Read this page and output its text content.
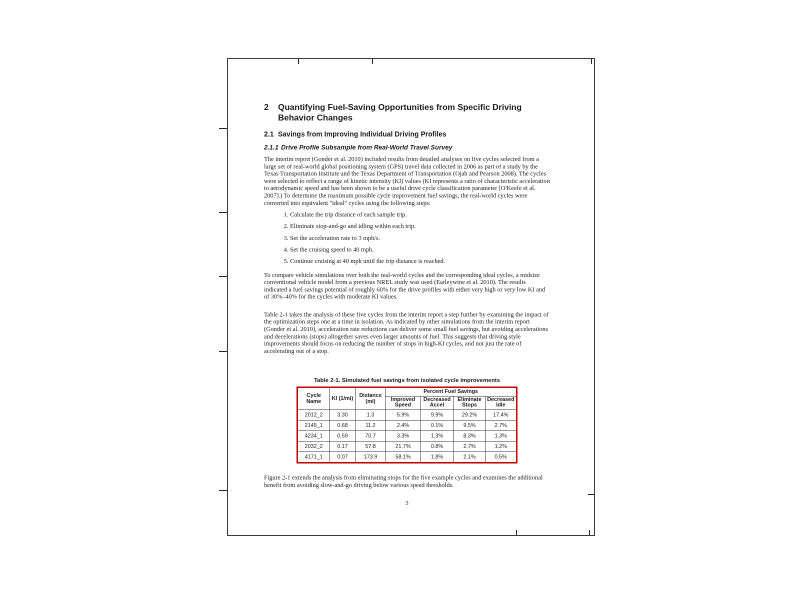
2 Quantifying Fuel-Saving Opportunities from Specific Driving Behavior Changes
2.1 Savings from Improving Individual Driving Profiles
2.1.1 Drive Profile Subsample from Real-World Travel Survey

The interim report (Gonder et al. 2010) included results from detailed analyses on five cycles selected from a large set of real-world global positioning system (GPS) travel data collected in 2006 as part of a study by the Texas Transportation Institute and the Texas Department of Transportation (Ojah and Pearson 2008). The cycles were selected to reflect a range of kinetic intensity (KI) values (KI represents a ratio of characteristic acceleration to aerodynamic speed and has been shown to be a useful drive cycle classification parameter [O'Keefe et al. 2007].) To determine the maximum possible cycle improvement fuel savings, the real-world cycles were converted into equivalent "ideal" cycles using the following steps:

1. Calculate the trip distance of each sample trip.
2. Eliminate stop-and-go and idling within each trip.
3. Set the acceleration rate to 3 mph/s.
4. Set the cruising speed to 40 mph.
5. Continue cruising at 40 mph until the trip distance is reached.

To compare vehicle simulations over both the real-world cycles and the corresponding ideal cycles, a midsize conventional vehicle model from a previous NREL study was used (Earleywine et al. 2010). The results indicated a fuel savings potential of roughly 60% for the drive profiles with either very high or very low KI and of 30%–40% for the cycles with moderate KI values.

Table 2-1 takes the analysis of these five cycles from the interim report a step further by examining the impact of the optimization steps one at a time in isolation. As indicated by other simulations from the interim report (Gonder et al. 2010), acceleration rate reductions can deliver some small fuel savings, but avoiding accelerations and decelerations (stops) altogether saves even larger amounts of fuel. This suggests that driving style improvements should focus on reducing the number of stops in high-KI cycles, and not just the rate of accelerating out of a stop.

Table 2-1. Simulated fuel savings from isolated cycle improvements
Cycle Name	KI (1/mi)	Distance (mi)	Percent Fuel Savings			
			Improved Speed	Decreased Accel	Eliminate Stops	Decreased Idle
2012_2	3.30	1.3	5.9%	9.9%	29.2%	17.4%
2145_1	0.68	11.2	2.4%	0.1%	9.5%	2.7%
4234_1	0.59	70.7	3.3%	1.3%	8.3%	1.3%
2032_2	0.17	57.8	21.7%	0.8%	2.7%	1.2%
4171_1	0.07	173.9	58.1%	1.8%	2.1%	0.5%

Figure 2-1 extends the analysis from eliminating stops for the five example cycles and examines the additional benefit from avoiding slow-and-go driving below various speed thresholds.

3
